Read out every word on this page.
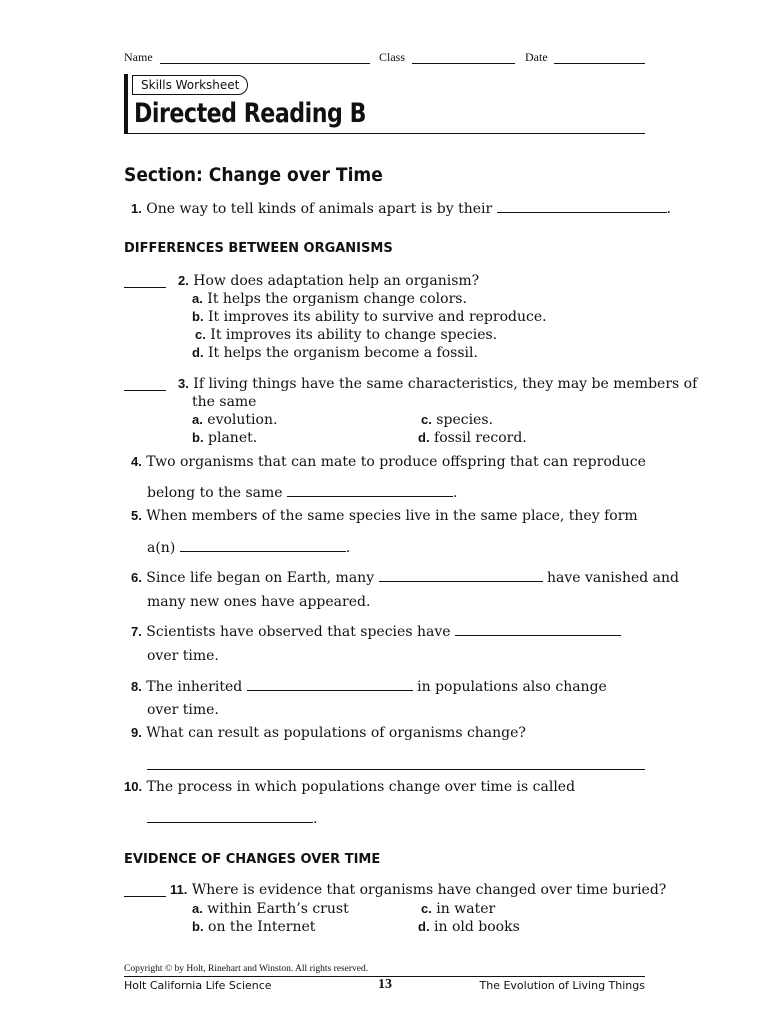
Name	Class	Date
Skills Worksheet
Directed Reading B
Section: Change over Time
1. One way to tell kinds of animals apart is by their	.
DIFFERENCES BETWEEN ORGANISMS
2. How does adaptation help an organism?
a. It helps the organism change colors.
b. It improves its ability to survive and reproduce.
c. It improves its ability to change species.
d. It helps the organism become a fossil.
3. If living things have the same characteristics, they may be members of
the same
a. evolution.
b. planet.
c. species.
d. fossil record.
4. Two organisms that can mate to produce offspring that can reproduce
belong to the same	.
5. When members of the same species live in the same place, they form
a(n)	.
6. Since life began on Earth, many	have vanished and
many new ones have appeared.
7. Scientists have observed that species have
over time.
8. The inherited	in populations also change
over time.
9. What can result as populations of organisms change?
10. The process in which populations change over time is called
.
EVIDENCE OF CHANGES OVER TIME
11. Where is evidence that organisms have changed over time buried?
a. within Earth’s crust
b. on the Internet
c. in water
d. in old books
Copyright © by Holt, Rinehart and Winston. All rights reserved.
Holt California Life Science	13	The Evolution of Living Things
